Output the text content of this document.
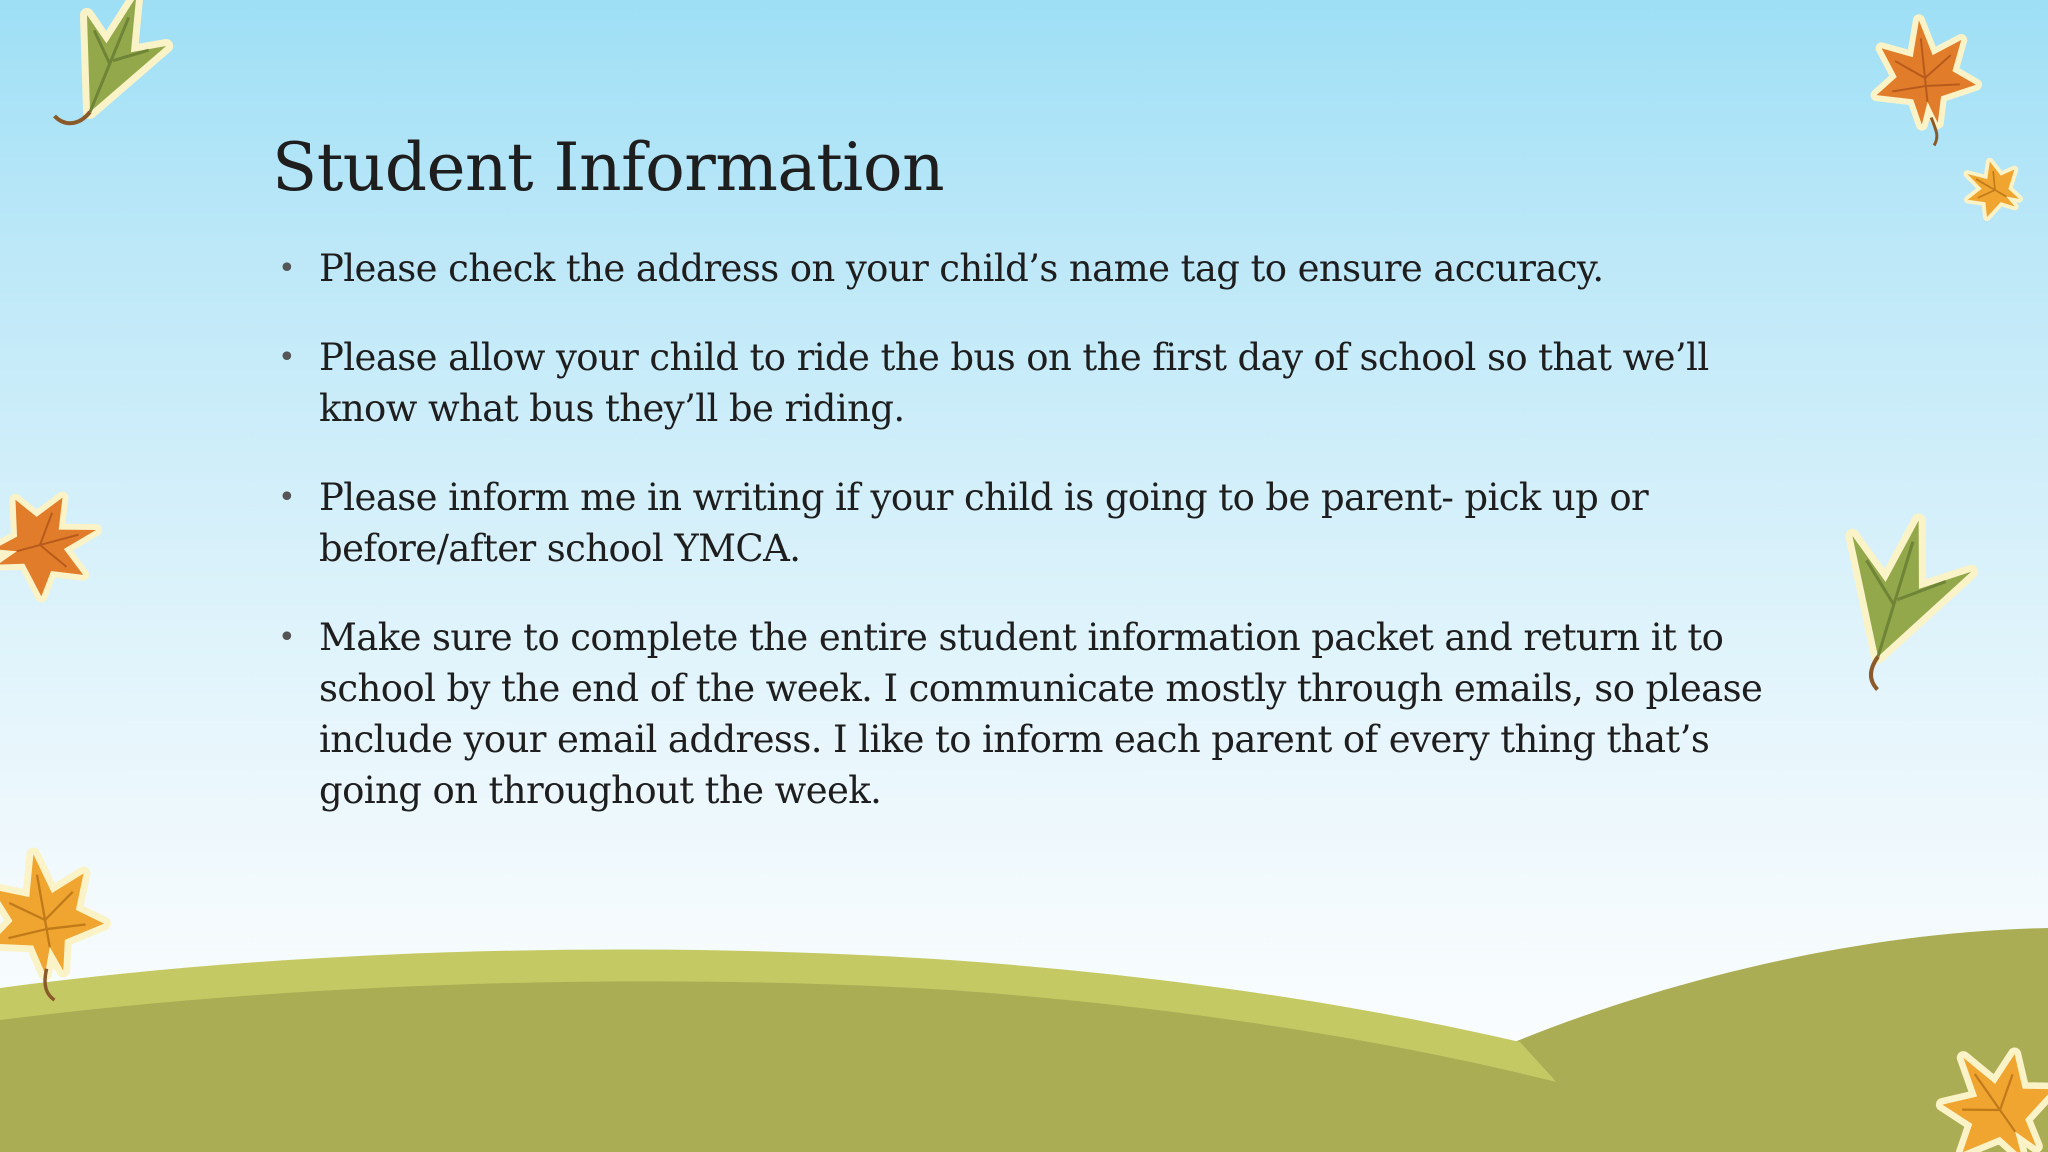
Student Information
• Please check the address on your child’s name tag to ensure accuracy.
• Please allow your child to ride the bus on the first day of school so that we’ll know what bus they’ll be riding.
• Please inform me in writing if your child is going to be parent- pick up or before/after school YMCA.
• Make sure to complete the entire student information packet and return it to school by the end of the week. I communicate mostly through emails, so please include your email address. I like to inform each parent of every thing that’s going on throughout the week.
